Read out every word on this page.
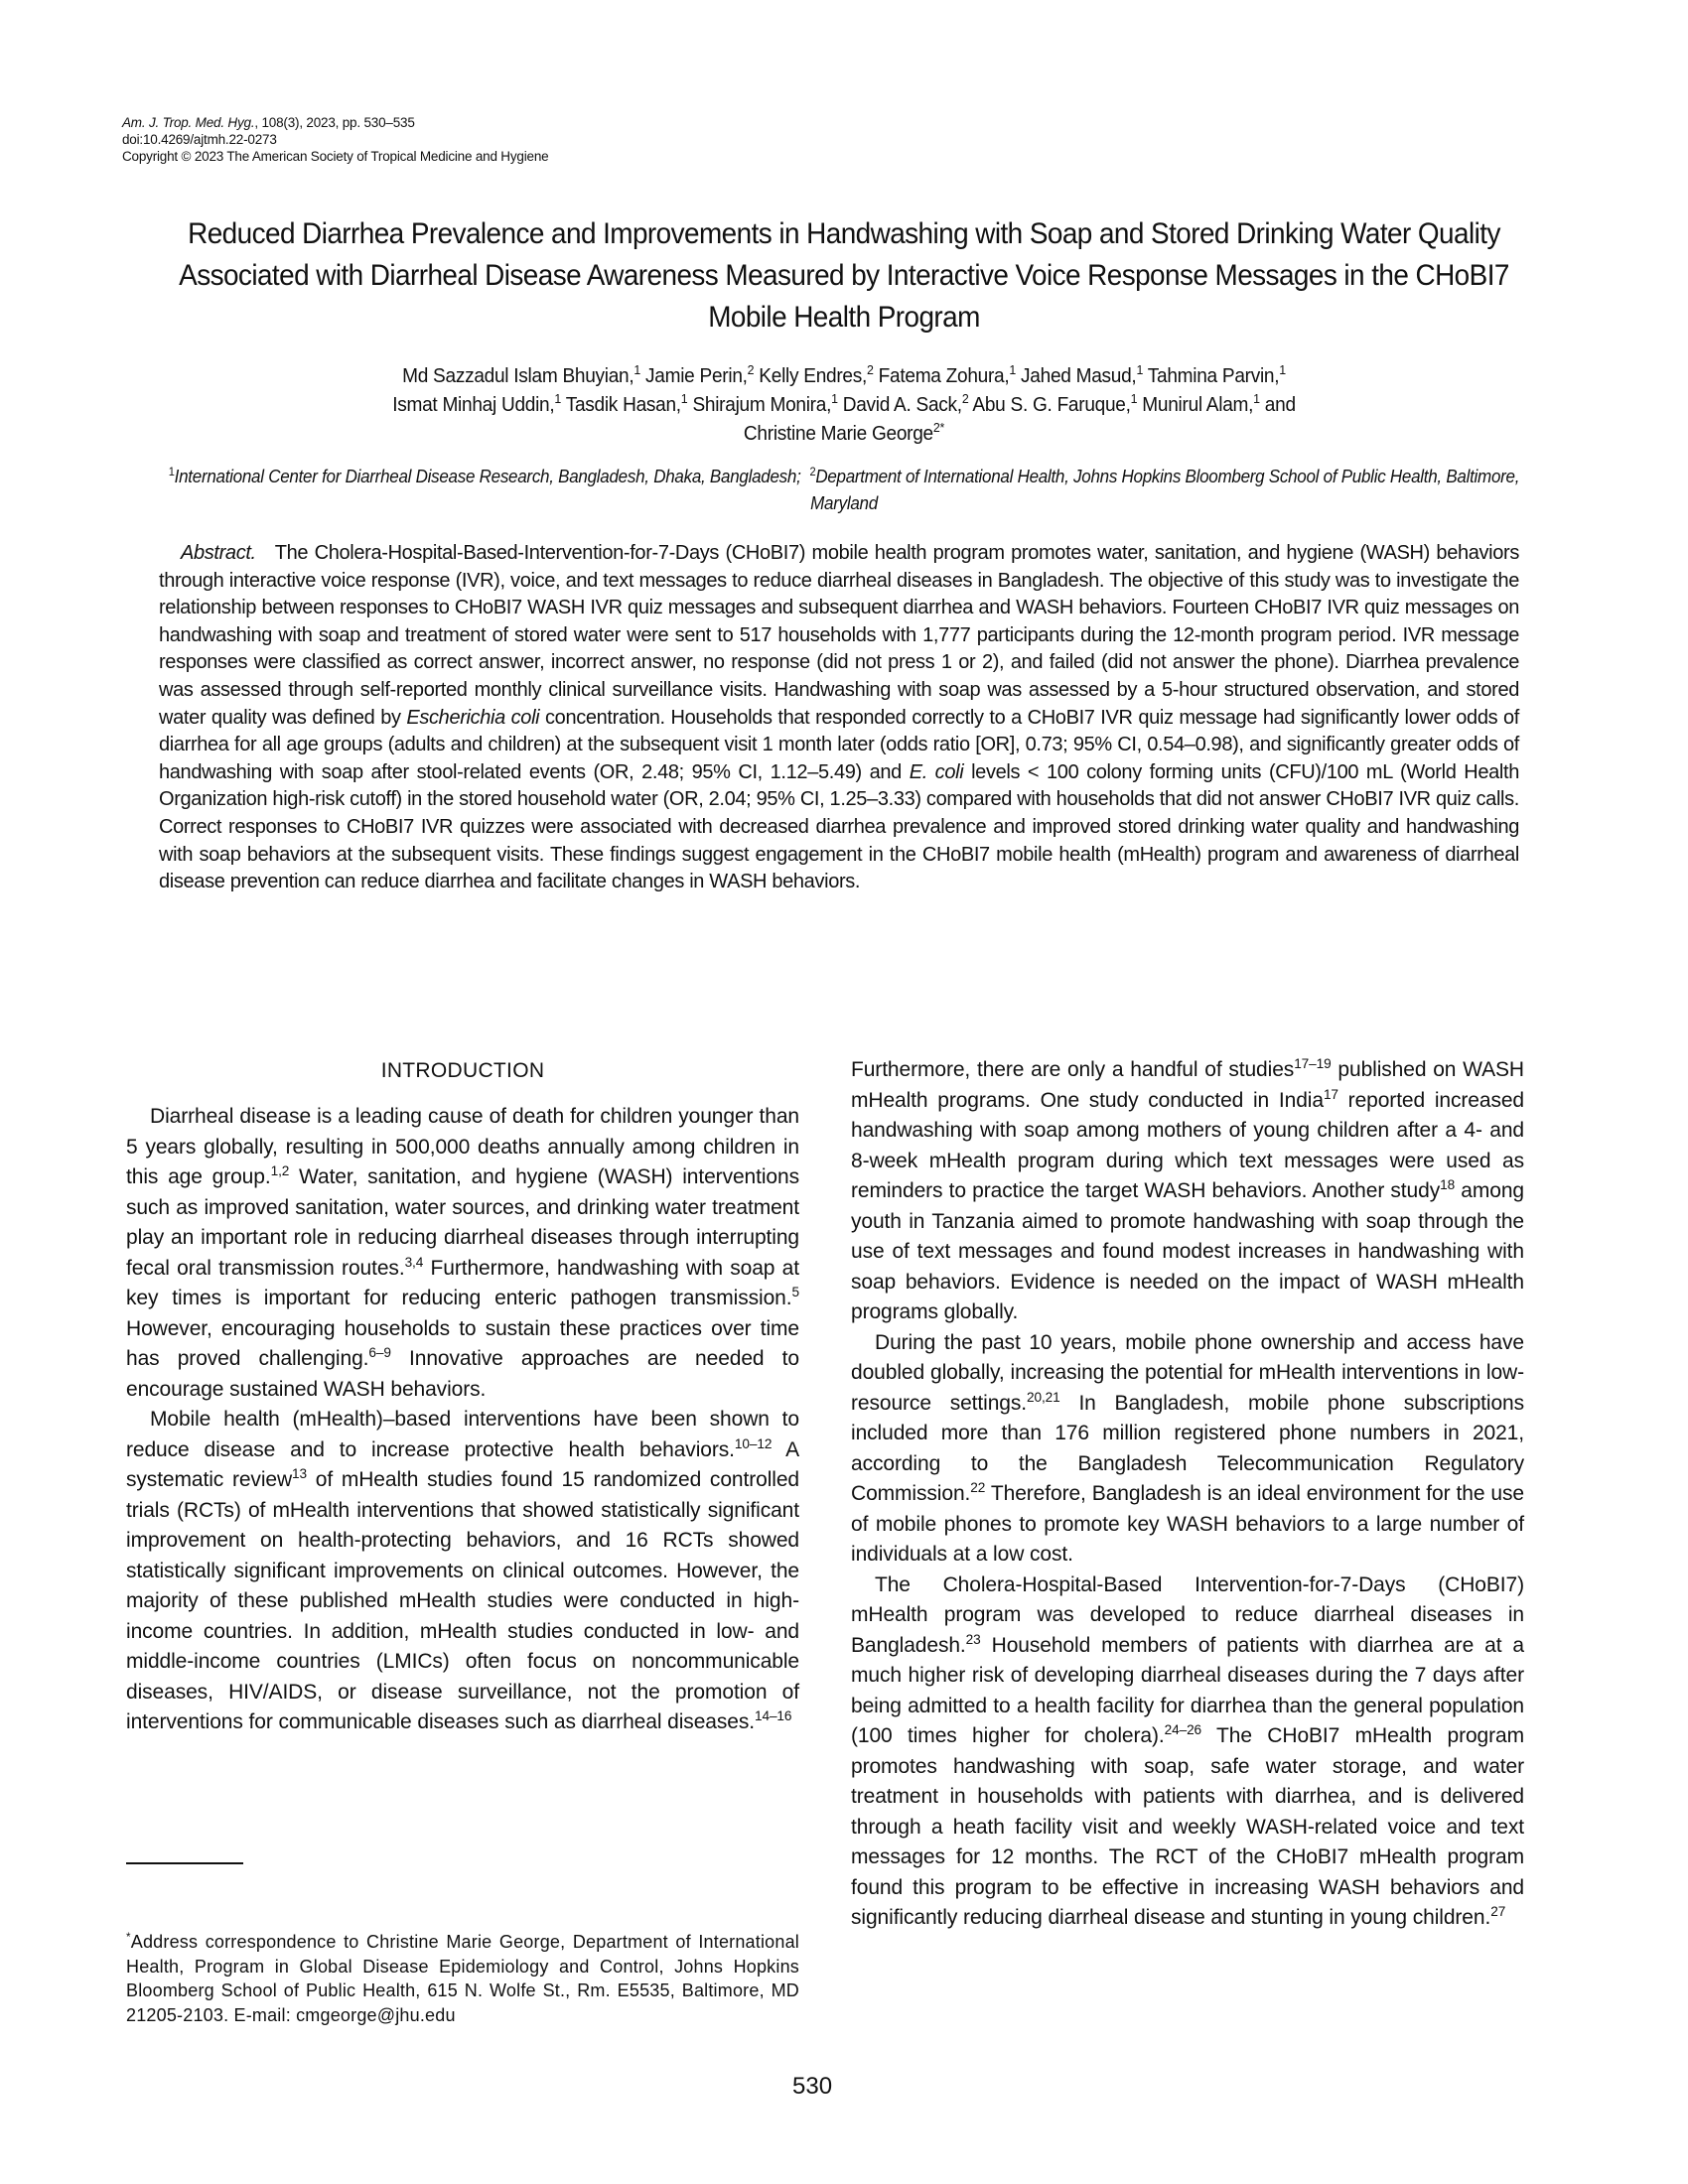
Am. J. Trop. Med. Hyg., 108(3), 2023, pp. 530–535
doi:10.4269/ajtmh.22-0273
Copyright © 2023 The American Society of Tropical Medicine and Hygiene
Reduced Diarrhea Prevalence and Improvements in Handwashing with Soap and Stored Drinking Water Quality Associated with Diarrheal Disease Awareness Measured by Interactive Voice Response Messages in the CHoBI7 Mobile Health Program
Md Sazzadul Islam Bhuyian,$^1$ Jamie Perin,$^2$ Kelly Endres,$^2$ Fatema Zohura,$^1$ Jahed Masud,$^1$ Tahmina Parvin,$^1$
Ismat Minhaj Uddin,$^1$ Tasdik Hasan,$^1$ Shirajum Monira,$^1$ David A. Sack,$^2$ Abu S. G. Faruque,$^1$ Munirul Alam,$^1$ and
Christine Marie George$^{2*}$
$^1$International Center for Diarrheal Disease Research, Bangladesh, Dhaka, Bangladesh; $^2$Department of International Health, Johns Hopkins Bloomberg School of Public Health, Baltimore, Maryland

Abstract. The Cholera-Hospital-Based-Intervention-for-7-Days (CHoBI7) mobile health program promotes water, sanitation, and hygiene (WASH) behaviors through interactive voice response (IVR), voice, and text messages to reduce diarrheal diseases in Bangladesh. The objective of this study was to investigate the relationship between responses to CHoBI7 WASH IVR quiz messages and subsequent diarrhea and WASH behaviors. Fourteen CHoBI7 IVR quiz messages on handwashing with soap and treatment of stored water were sent to 517 households with 1,777 participants during the 12-month program period. IVR message responses were classified as correct answer, incorrect answer, no response (did not press 1 or 2), and failed (did not answer the phone). Diarrhea prevalence was assessed through self-reported monthly clinical surveillance visits. Handwashing with soap was assessed by a 5-hour structured observation, and stored water quality was defined by Escherichia coli concentration. Households that responded correctly to a CHoBI7 IVR quiz message had significantly lower odds of diarrhea for all age groups (adults and children) at the subsequent visit 1 month later (odds ratio [OR], 0.73; 95% CI, 0.54–0.98), and significantly greater odds of handwashing with soap after stool-related events (OR, 2.48; 95% CI, 1.12–5.49) and E. coli levels < 100 colony forming units (CFU)/100 mL (World Health Organization high-risk cutoff) in the stored household water (OR, 2.04; 95% CI, 1.25–3.33) compared with households that did not answer CHoBI7 IVR quiz calls. Correct responses to CHoBI7 IVR quizzes were associated with decreased diarrhea prevalence and improved stored drinking water quality and handwashing with soap behaviors at the subsequent visits. These findings suggest engagement in the CHoBI7 mobile health (mHealth) program and awareness of diarrheal disease prevention can reduce diarrhea and facilitate changes in WASH behaviors.

INTRODUCTION

Diarrheal disease is a leading cause of death for children younger than 5 years globally, resulting in 500,000 deaths annually among children in this age group.$^{1,2}$ Water, sanitation, and hygiene (WASH) interventions such as improved sanitation, water sources, and drinking water treatment play an important role in reducing diarrheal diseases through interrupting fecal oral transmission routes.$^{3,4}$ Furthermore, handwashing with soap at key times is important for reducing enteric pathogen transmission.$^5$ However, encouraging households to sustain these practices over time has proved challenging.$^{6-9}$ Innovative approaches are needed to encourage sustained WASH behaviors.

Mobile health (mHealth)–based interventions have been shown to reduce disease and to increase protective health behaviors.$^{10-12}$ A systematic review$^{13}$ of mHealth studies found 15 randomized controlled trials (RCTs) of mHealth interventions that showed statistically significant improvement on health-protecting behaviors, and 16 RCTs showed statistically significant improvements on clinical outcomes. However, the majority of these published mHealth studies were conducted in high-income countries. In addition, mHealth studies conducted in low- and middle-income countries (LMICs) often focus on noncommunicable diseases, HIV/AIDS, or disease surveillance, not the promotion of interventions for communicable diseases such as diarrheal diseases.$^{14-16}$

Furthermore, there are only a handful of studies$^{17-19}$ published on WASH mHealth programs. One study conducted in India$^{17}$ reported increased handwashing with soap among mothers of young children after a 4- and 8-week mHealth program during which text messages were used as reminders to practice the target WASH behaviors. Another study$^{18}$ among youth in Tanzania aimed to promote handwashing with soap through the use of text messages and found modest increases in handwashing with soap behaviors. Evidence is needed on the impact of WASH mHealth programs globally.

During the past 10 years, mobile phone ownership and access have doubled globally, increasing the potential for mHealth interventions in low-resource settings.$^{20,21}$ In Bangladesh, mobile phone subscriptions included more than 176 million registered phone numbers in 2021, according to the Bangladesh Telecommunication Regulatory Commission.$^{22}$ Therefore, Bangladesh is an ideal environment for the use of mobile phones to promote key WASH behaviors to a large number of individuals at a low cost.

The Cholera-Hospital-Based Intervention-for-7-Days (CHoBI7) mHealth program was developed to reduce diarrheal diseases in Bangladesh.$^{23}$ Household members of patients with diarrhea are at a much higher risk of developing diarrheal diseases during the 7 days after being admitted to a health facility for diarrhea than the general population (100 times higher for cholera).$^{24-26}$ The CHoBI7 mHealth program promotes handwashing with soap, safe water storage, and water treatment in households with patients with diarrhea, and is delivered through a heath facility visit and weekly WASH-related voice and text messages for 12 months. The RCT of the CHoBI7 mHealth program found this program to be effective in increasing WASH behaviors and significantly reducing diarrheal disease and stunting in young children.$^{27}$

*Address correspondence to Christine Marie George, Department of International Health, Program in Global Disease Epidemiology and Control, Johns Hopkins Bloomberg School of Public Health, 615 N. Wolfe St., Rm. E5535, Baltimore, MD 21205-2103. E-mail: cmgeorge@jhu.edu
530
